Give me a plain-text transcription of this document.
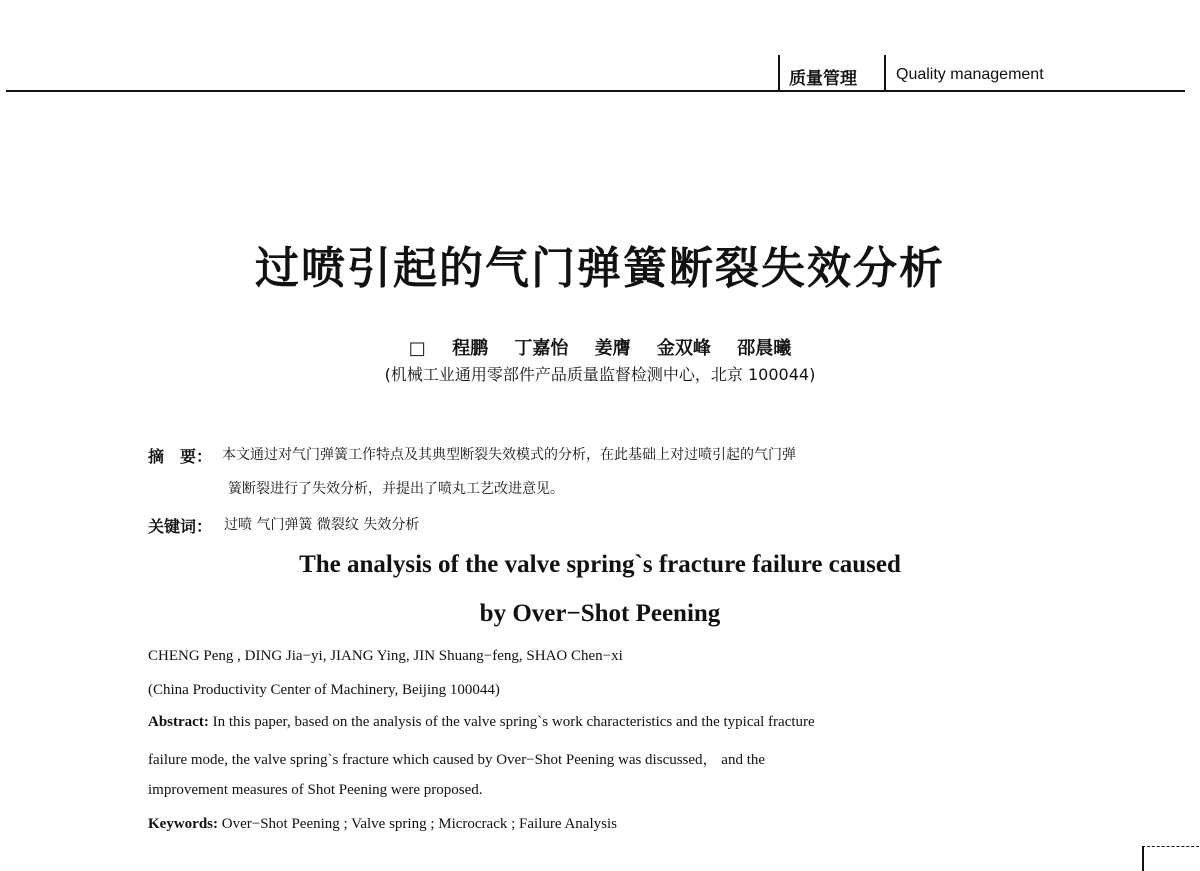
质量管理 Quality management
过喷引起的气门弹簧断裂失效分析
□ 程鹏 丁嘉怡 姜膺 金双峰 邵晨曦
(机械工业通用零部件产品质量监督检测中心，北京 100044)
摘　要： 本文通过对气门弹簧工作特点及其典型断裂失效模式的分析，在此基础上对过喷引起的气门弹
簧断裂进行了失效分析，并提出了喷丸工艺改进意见。
关键词： 过喷 气门弹簧 微裂纹 失效分析
The analysis of the valve spring`s fracture failure caused
by Over−Shot Peening
CHENG Peng , DING Jia−yi, JIANG Ying, JIN Shuang−feng, SHAO Chen−xi
(China Productivity Center of Machinery, Beijing 100044)
Abstract: In this paper, based on the analysis of the valve spring`s work characteristics and the typical fracture
failure mode, the valve spring`s fracture which caused by Over−Shot Peening was discussed， and the
improvement measures of Shot Peening were proposed.
Keywords: Over−Shot Peening ; Valve spring ; Microcrack ; Failure Analysis
